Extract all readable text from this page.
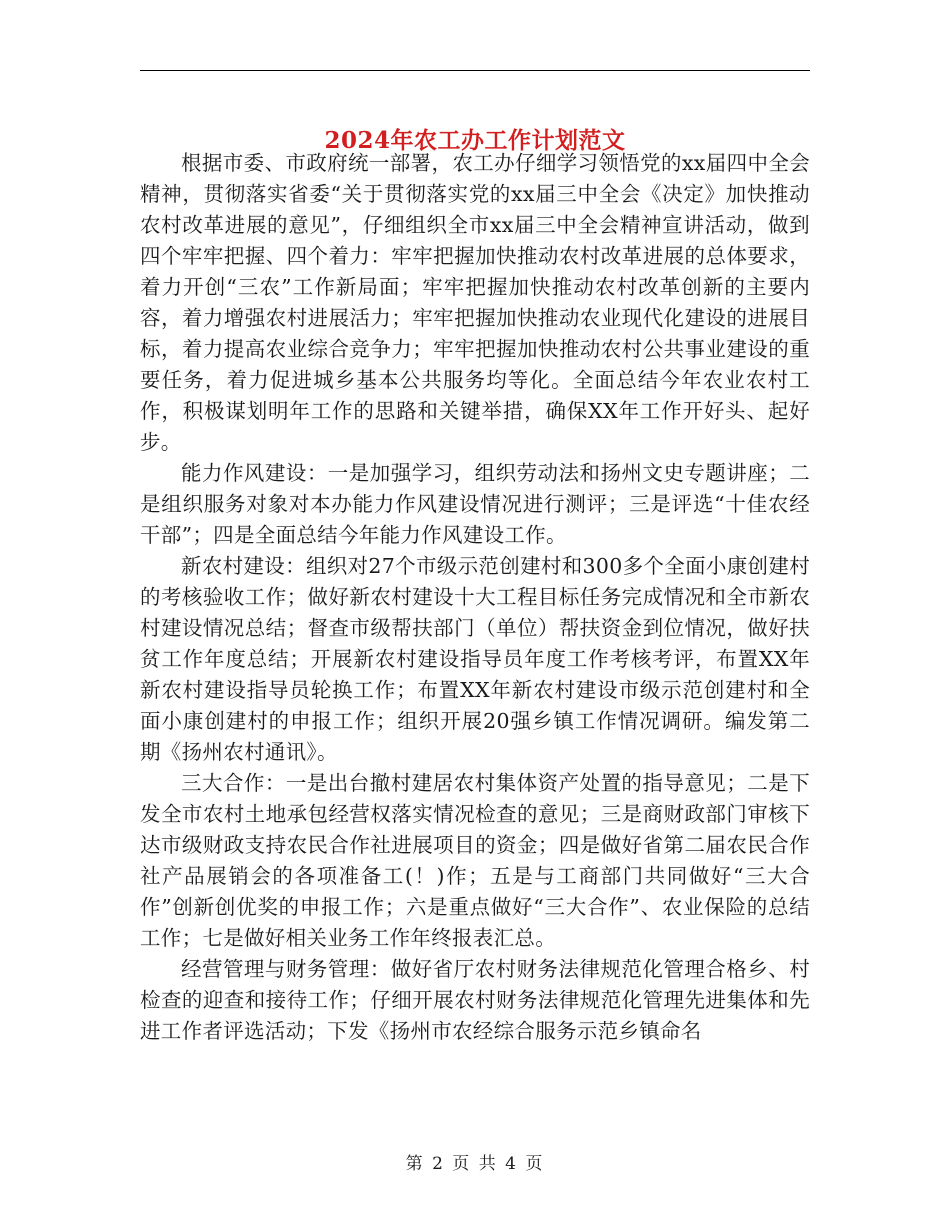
2024年农工办工作计划范文

根据市委、市政府统一部署，农工办仔细学习领悟党的xx届四中全会精神，贯彻落实省委“关于贯彻落实党的xx届三中全会《决定》加快推动农村改革进展的意见”，仔细组织全市xx届三中全会精神宣讲活动，做到四个牢牢把握、四个着力：牢牢把握加快推动农村改革进展的总体要求，着力开创“三农”工作新局面；牢牢把握加快推动农村改革创新的主要内容，着力增强农村进展活力；牢牢把握加快推动农业现代化建设的进展目标，着力提高农业综合竞争力；牢牢把握加快推动农村公共事业建设的重要任务，着力促进城乡基本公共服务均等化。全面总结今年农业农村工作，积极谋划明年工作的思路和关键举措，确保XX年工作开好头、起好步。

能力作风建设：一是加强学习，组织劳动法和扬州文史专题讲座；二是组织服务对象对本办能力作风建设情况进行测评；三是评选“十佳农经干部”；四是全面总结今年能力作风建设工作。

新农村建设：组织对27个市级示范创建村和300多个全面小康创建村的考核验收工作；做好新农村建设十大工程目标任务完成情况和全市新农村建设情况总结；督查市级帮扶部门（单位）帮扶资金到位情况，做好扶贫工作年度总结；开展新农村建设指导员年度工作考核考评，布置XX年新农村建设指导员轮换工作；布置XX年新农村建设市级示范创建村和全面小康创建村的申报工作；组织开展20强乡镇工作情况调研。编发第二期《扬州农村通讯》。

三大合作：一是出台撤村建居农村集体资产处置的指导意见；二是下发全市农村土地承包经营权落实情况检查的意见；三是商财政部门审核下达市级财政支持农民合作社进展项目的资金；四是做好省第二届农民合作社产品展销会的各项准备工(！)作；五是与工商部门共同做好“三大合作”创新创优奖的申报工作；六是重点做好“三大合作”、农业保险的总结工作；七是做好相关业务工作年终报表汇总。

经营管理与财务管理：做好省厅农村财务法律规范化管理合格乡、村检查的迎查和接待工作；仔细开展农村财务法律规范化管理先进集体和先进工作者评选活动；下发《扬州市农经综合服务示范乡镇命名

第 2 页 共 4 页
